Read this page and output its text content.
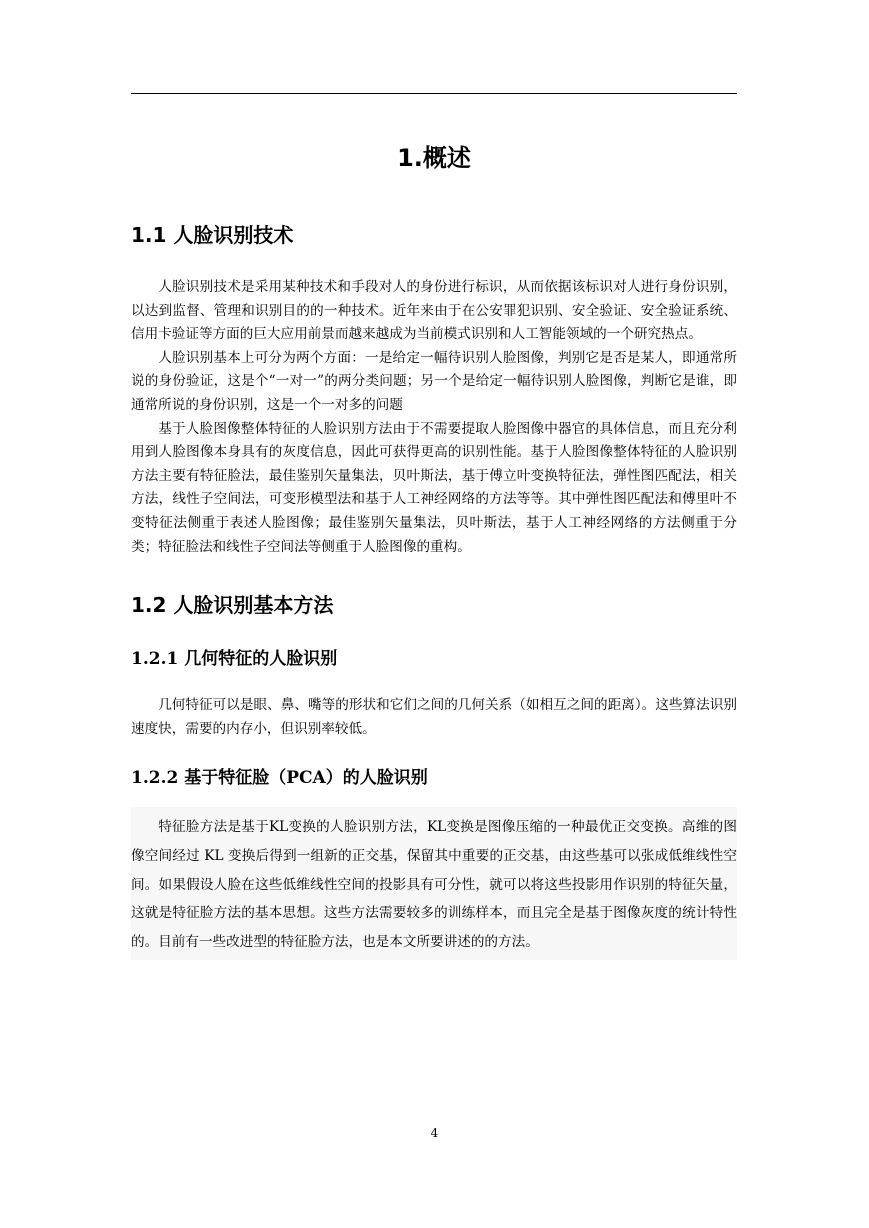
1.概述
1.1 人脸识别技术

人脸识别技术是采用某种技术和手段对人的身份进行标识，从而依据该标识对人进行身份识别，以达到监督、管理和识别目的的一种技术。近年来由于在公安罪犯识别、安全验证、安全验证系统、信用卡验证等方面的巨大应用前景而越来越成为当前模式识别和人工智能领域的一个研究热点。

人脸识别基本上可分为两个方面：一是给定一幅待识别人脸图像，判别它是否是某人，即通常所说的身份验证，这是个“一对一”的两分类问题；另一个是给定一幅待识别人脸图像，判断它是谁，即通常所说的身份识别，这是一个一对多的问题

基于人脸图像整体特征的人脸识别方法由于不需要提取人脸图像中器官的具体信息，而且充分利用到人脸图像本身具有的灰度信息，因此可获得更高的识别性能。基于人脸图像整体特征的人脸识别方法主要有特征脸法，最佳鉴别矢量集法，贝叶斯法，基于傅立叶变换特征法，弹性图匹配法，相关方法，线性子空间法，可变形模型法和基于人工神经网络的方法等等。其中弹性图匹配法和傅里叶不变特征法侧重于表述人脸图像；最佳鉴别矢量集法，贝叶斯法，基于人工神经网络的方法侧重于分类；特征脸法和线性子空间法等侧重于人脸图像的重构。

1.2 人脸识别基本方法
1.2.1 几何特征的人脸识别

几何特征可以是眼、鼻、嘴等的形状和它们之间的几何关系（如相互之间的距离）。这些算法识别速度快，需要的内存小，但识别率较低。

1.2.2 基于特征脸（PCA）的人脸识别

特征脸方法是基于KL变换的人脸识别方法，KL变换是图像压缩的一种最优正交变换。高维的图像空间经过 KL 变换后得到一组新的正交基，保留其中重要的正交基，由这些基可以张成低维线性空间。如果假设人脸在这些低维线性空间的投影具有可分性，就可以将这些投影用作识别的特征矢量，这就是特征脸方法的基本思想。这些方法需要较多的训练样本，而且完全是基于图像灰度的统计特性的。目前有一些改进型的特征脸方法，也是本文所要讲述的的方法。

4
